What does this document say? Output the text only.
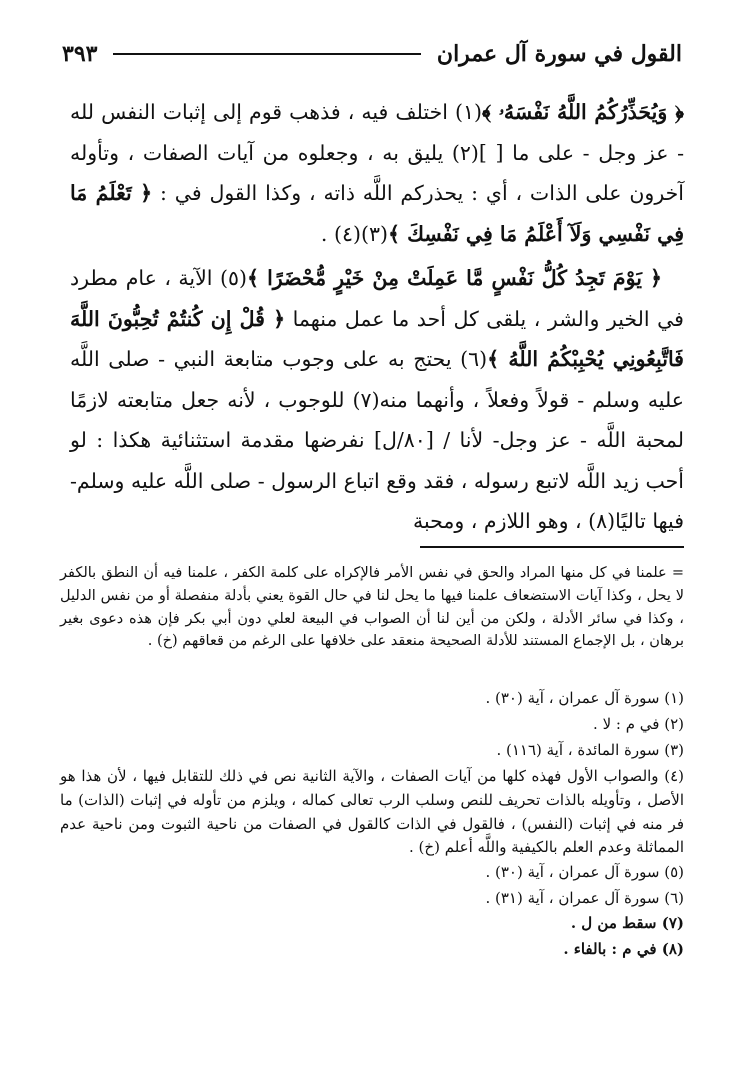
القول في سورة آل عمران
٣٩٣

﴿ وَيُحَذِّرُكُمُ اللَّهُ نَفْسَهُۥ ﴾(١) اختلف فيه ، فذهب قوم إلى إثبات النفس لله - عز وجل - على ما [ ](٢) يليق به ، وجعلوه من آيات الصفات ، وتأوله آخرون على الذات ، أي : يحذركم اللَّه ذاته ، وكذا القول في : ﴿ تَعْلَمُ مَا فِي نَفْسِي وَلَآ أَعْلَمُ مَا فِي نَفْسِكَ ﴾(٣)(٤) .

﴿ يَوْمَ تَجِدُ كُلُّ نَفْسٍ مَّا عَمِلَتْ مِنْ خَيْرٍ مُّحْضَرًا ﴾(٥) الآية ، عام مطرد في الخير والشر ، يلقى كل أحد ما عمل منهما ﴿ قُلْ إِن كُنتُمْ تُحِبُّونَ اللَّهَ فَاتَّبِعُونِي يُحْبِبْكُمُ اللَّهُ ﴾(٦) يحتج به على وجوب متابعة النبي - صلى اللَّه عليه وسلم - قولاً وفعلاً ، وأنهما منه(٧) للوجوب ، لأنه جعل متابعته لازمًا لمحبة اللَّه - عز وجل- لأنا / [٨٠/ل] نفرضها مقدمة استثنائية هكذا : لو أحب زيد اللَّه لاتبع رسوله ، فقد وقع اتباع الرسول - صلى اللَّه عليه وسلم- فيها تاليًا(٨) ، وهو اللازم ، ومحبة

= علمنا في كل منها المراد والحق في نفس الأمر فالإكراه على كلمة الكفر ، علمنا فيه أن النطق بالكفر لا يحل ، وكذا آيات الاستضعاف علمنا فيها ما يحل لنا في حال القوة يعني بأدلة منفصلة أو من نفس الدليل ، وكذا في سائر الأدلة ، ولكن من أين لنا أن الصواب في البيعة لعلي دون أبي بكر فإن هذه دعوى بغير برهان ، بل الإجماع المستند للأدلة الصحيحة منعقد على خلافها على الرغم من قعاقهم (خ) .

(١) سورة آل عمران ، آية (٣٠) .

(٢) في م : لا .

(٣) سورة المائدة ، آية (١١٦) .

(٤) والصواب الأول فهذه كلها من آيات الصفات ، والآية الثانية نص في ذلك للتقابل فيها ، لأن هذا هو الأصل ، وتأويله بالذات تحريف للنص وسلب الرب تعالى كماله ، ويلزم من تأوله في إثبات (الذات) ما فر منه في إثبات (النفس) ، فالقول في الذات كالقول في الصفات من ناحية الثبوت ومن ناحية عدم المماثلة وعدم العلم بالكيفية واللَّه أعلم (خ) .

(٥) سورة آل عمران ، آية (٣٠) .

(٦) سورة آل عمران ، آية (٣١) .

(٧) سقط من ل .

(٨) في م : بالفاء .
